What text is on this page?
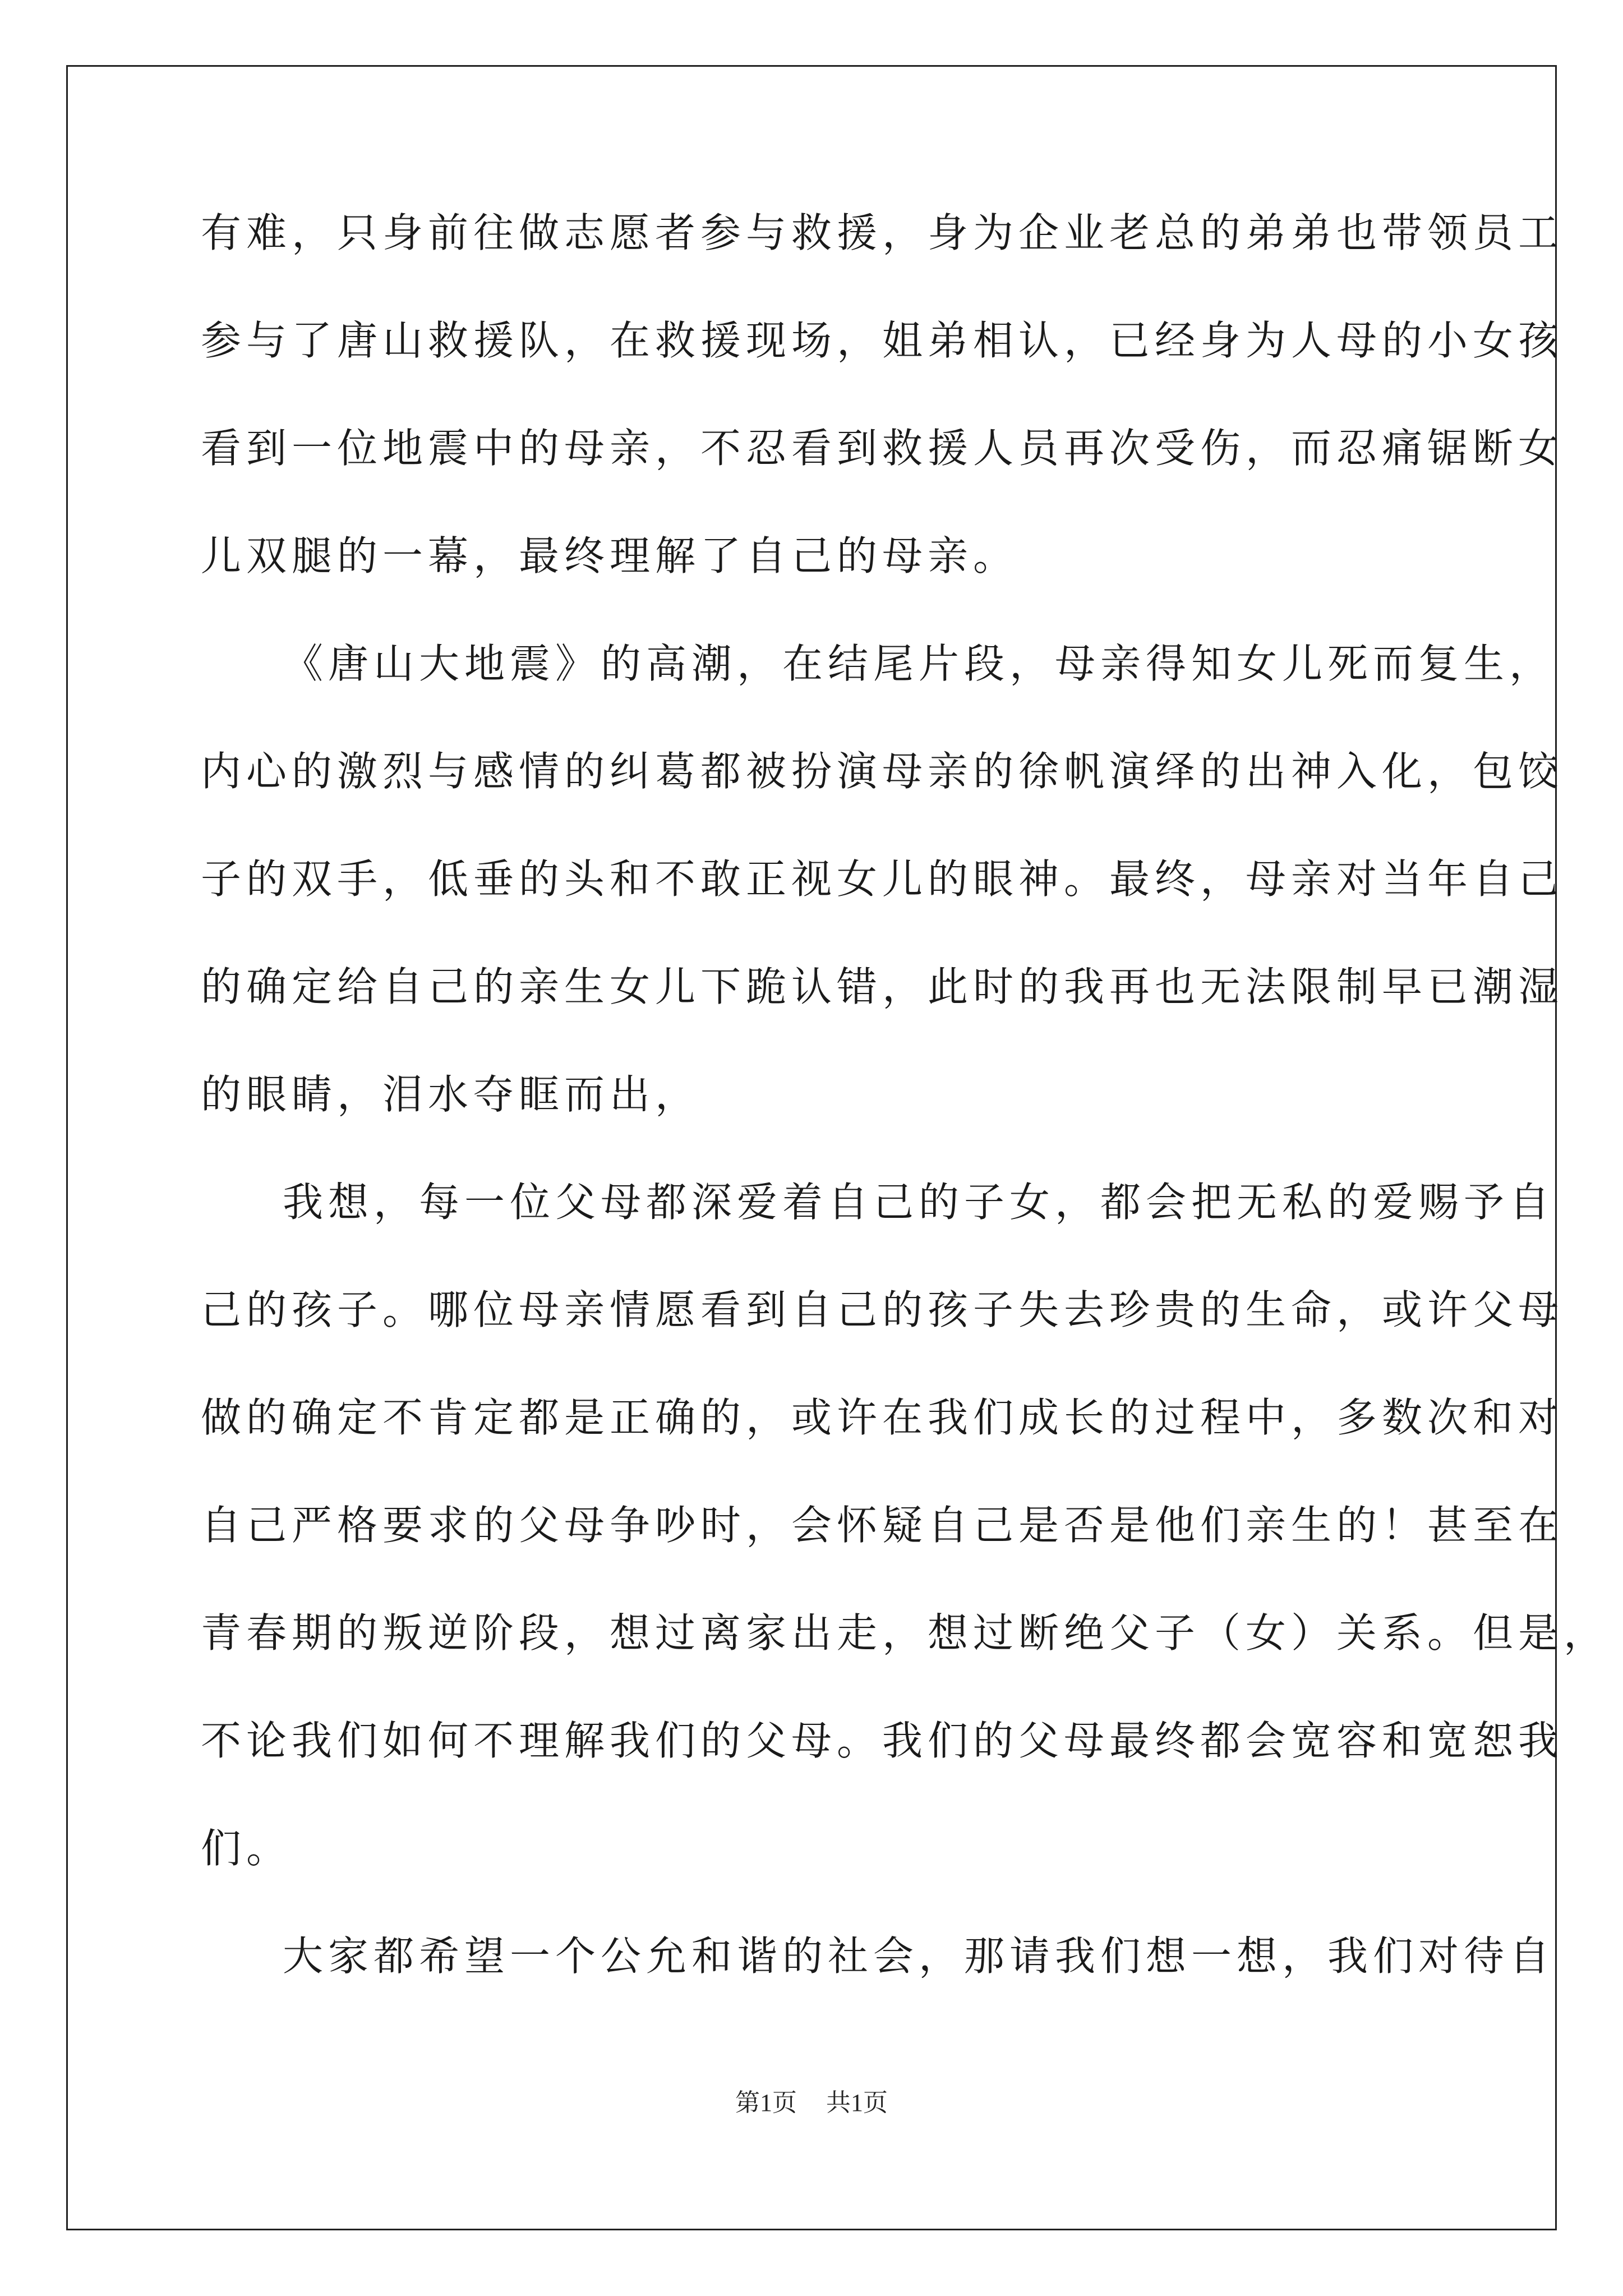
有难，只身前往做志愿者参与救援，身为企业老总的弟弟也带领员工
参与了唐山救援队，在救援现场，姐弟相认，已经身为人母的小女孩
看到一位地震中的母亲，不忍看到救援人员再次受伤，而忍痛锯断女
儿双腿的一幕，最终理解了自己的母亲。
《唐山大地震》的高潮，在结尾片段，母亲得知女儿死而复生，
内心的激烈与感情的纠葛都被扮演母亲的徐帆演绎的出神入化，包饺
子的双手，低垂的头和不敢正视女儿的眼神。最终，母亲对当年自己
的确定给自己的亲生女儿下跪认错，此时的我再也无法限制早已潮湿
的眼睛，泪水夺眶而出，
我想，每一位父母都深爱着自己的子女，都会把无私的爱赐予自
己的孩子。哪位母亲情愿看到自己的孩子失去珍贵的生命，或许父母
做的确定不肯定都是正确的，或许在我们成长的过程中，多数次和对
自己严格要求的父母争吵时，会怀疑自己是否是他们亲生的！甚至在
青春期的叛逆阶段，想过离家出走，想过断绝父子（女）关系。但是，
不论我们如何不理解我们的父母。我们的父母最终都会宽容和宽恕我
们。
大家都希望一个公允和谐的社会，那请我们想一想，我们对待自
第1页 共1页
